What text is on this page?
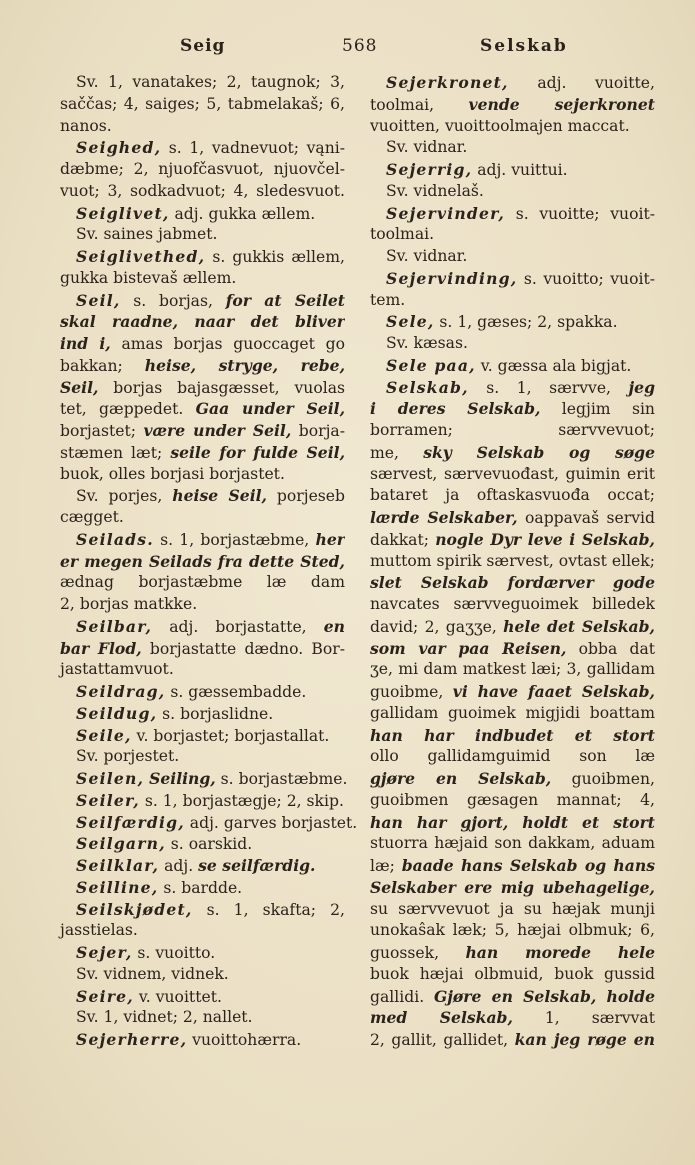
Seig	568	Selskab
Sv. 1, vanatakes; 2, taugnok; 3,
saččas; 4, saiges; 5, tabmelakaš; 6,
nanos.
Seighed, s. 1, vadnevuot; vąni-
dæbme; 2, njuofčasvuot, njuovčel-
vuot; 3, sodkadvuot; 4, sledesvuot.
Seiglivet, adj. gukka ællem.
Sv. saines jabmet.
Seiglivethed, s. gukkis ællem,
gukka bistevaš ællem.
Seil, s. borjas, for at Seilet
skal raadne, naar det bliver
ind i, amas borjas guoccaget go
bakkan; heise, stryge, rebe,
Seil, borjas bajasgæsset, vuolas
tet, gæppedet. Gaa under Seil,
borjastet; være under Seil, borja-
stæmen læt; seile for fulde Seil,
buok, olles borjasi borjastet.
Sv. porjes, heise Seil, porjeseb
cægget.
Seilads. s. 1, borjastæbme, her
er megen Seilads fra dette Sted,
ædnag borjastæbme læ dam
2, borjas matkke.
Seilbar, adj. borjastatte, en
bar Flod, borjastatte dædno. Bor-
jastattamvuot.
Seildrag, s. gæssembadde.
Seildug, s. borjaslidne.
Seile, v. borjastet; borjastallat.
Sv. porjestet.
Seilen, Seiling, s. borjastæbme.
Seiler, s. 1, borjastægje; 2, skip.
Seilfærdig, adj. garves borjastet.
Seilgarn, s. oarskid.
Seilklar, adj. se seilfærdig.
Seilline, s. bardde.
Seilskjødet, s. 1, skafta; 2,
jasstielas.
Sejer, s. vuoitto.
Sv. vidnem, vidnek.
Seire, v. vuoittet.
Sv. 1, vidnet; 2, nallet.
Sejerherre, vuoittohærra.
Sejerkronet, adj. vuoitte,
toolmai, vende sejerkronet
vuoitten, vuoittoolmajen maccat.
Sv. vidnar.
Sejerrig, adj. vuittui.
Sv. vidnelaš.
Sejervinder, s. vuoitte; vuoit-
toolmai.
Sv. vidnar.
Sejervinding, s. vuoitto; vuoit-
tem.
Sele, s. 1, gæses; 2, spakka.
Sv. kæsas.
Sele paa, v. gæssa ala bigjat.
Selskab, s. 1, særvve, jeg
i deres Selskab, legjim sin
borramen; særvvevuot;
me, sky Selskab og søge
særvest, særvevuođast, guimin erit
bataret ja oftaskasvuođa occat;
lærde Selskaber, oappavaš servid
dakkat; nogle Dyr leve i Selskab,
muttom spirik særvest, ovtast ellek;
slet Selskab fordærver gode
navcates særvveguoimek billedek
david; 2, gaʒʒe, hele det Selskab,
som var paa Reisen, obba dat
ʒe, mi dam matkest læi; 3, gallidam
guoibme, vi have faaet Selskab,
gallidam guoimek migjidi boattam
han har indbudet et stort
ollo gallidamguimid son læ
gjøre en Selskab, guoibmen,
guoibmen gæsagen mannat; 4,
han har gjort, holdt et stort
stuorra hæjaid son dakkam, aduam
læ; baade hans Selskab og hans
Selskaber ere mig ubehagelige,
su særvvevuot ja su hæjak munji
unokaŝak læk; 5, hæjai olbmuk; 6,
guossek, han morede hele
buok hæjai olbmuid, buok gussid
gallidi. Gjøre en Selskab, holde
med Selskab, 1, særvvat
2, gallit, gallidet, kan jeg røge en
